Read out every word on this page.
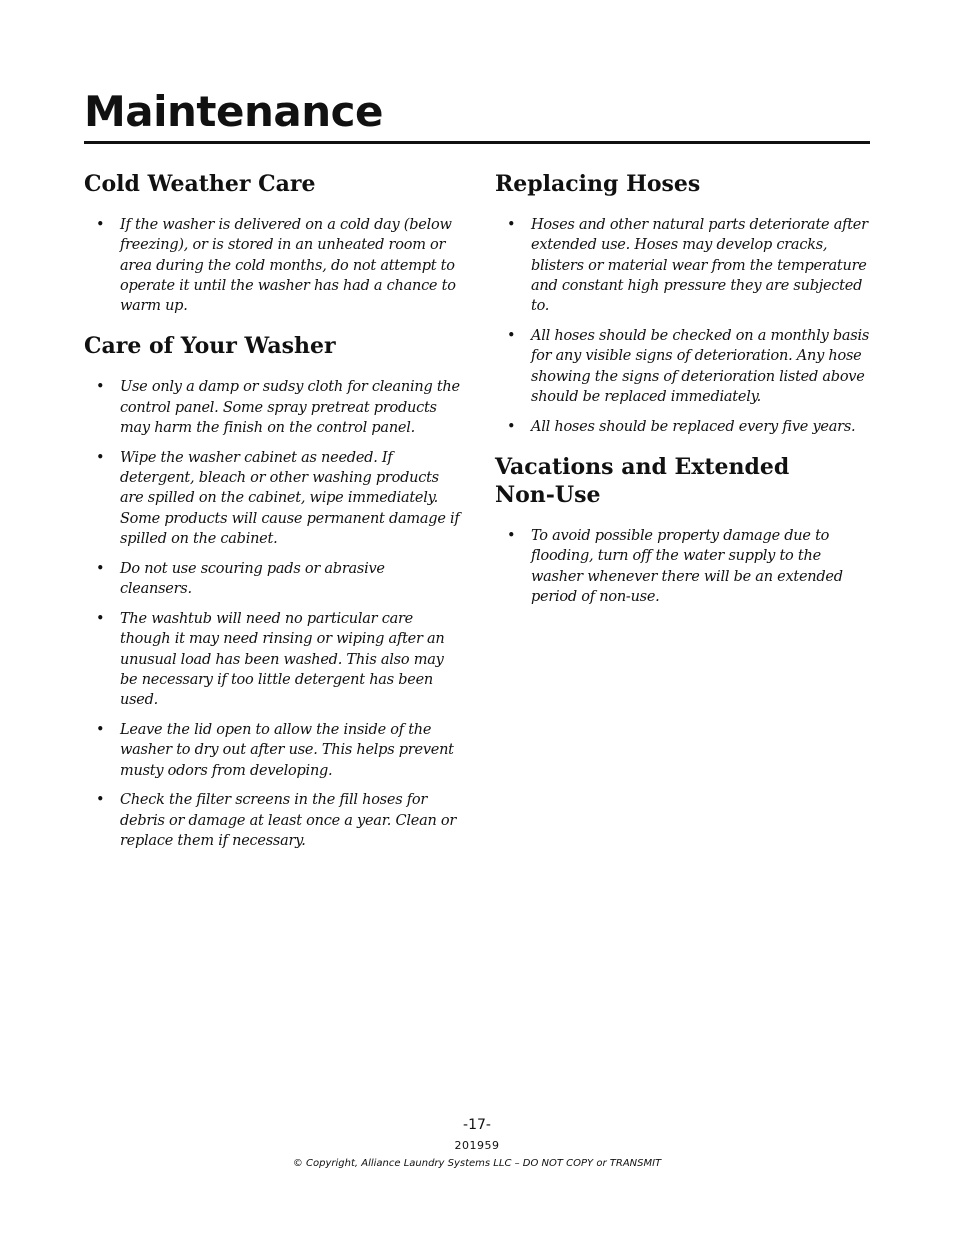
Maintenance
Cold Weather Care
• If the washer is delivered on a cold day (below freezing), or is stored in an unheated room or area during the cold months, do not attempt to operate it until the washer has had a chance to warm up.
Care of Your Washer
• Use only a damp or sudsy cloth for cleaning the control panel. Some spray pretreat products may harm the finish on the control panel.
• Wipe the washer cabinet as needed. If detergent, bleach or other washing products are spilled on the cabinet, wipe immediately. Some products will cause permanent damage if spilled on the cabinet.
• Do not use scouring pads or abrasive cleansers.
• The washtub will need no particular care though it may need rinsing or wiping after an unusual load has been washed. This also may be necessary if too little detergent has been used.
• Leave the lid open to allow the inside of the washer to dry out after use. This helps prevent musty odors from developing.
• Check the filter screens in the fill hoses for debris or damage at least once a year. Clean or replace them if necessary.
Replacing Hoses
• Hoses and other natural parts deteriorate after extended use. Hoses may develop cracks, blisters or material wear from the temperature and constant high pressure they are subjected to.
• All hoses should be checked on a monthly basis for any visible signs of deterioration. Any hose showing the signs of deterioration listed above should be replaced immediately.
• All hoses should be replaced every five years.
Vacations and Extended Non-Use
• To avoid possible property damage due to flooding, turn off the water supply to the washer whenever there will be an extended period of non-use.
-17-
201959
© Copyright, Alliance Laundry Systems LLC – DO NOT COPY or TRANSMIT
